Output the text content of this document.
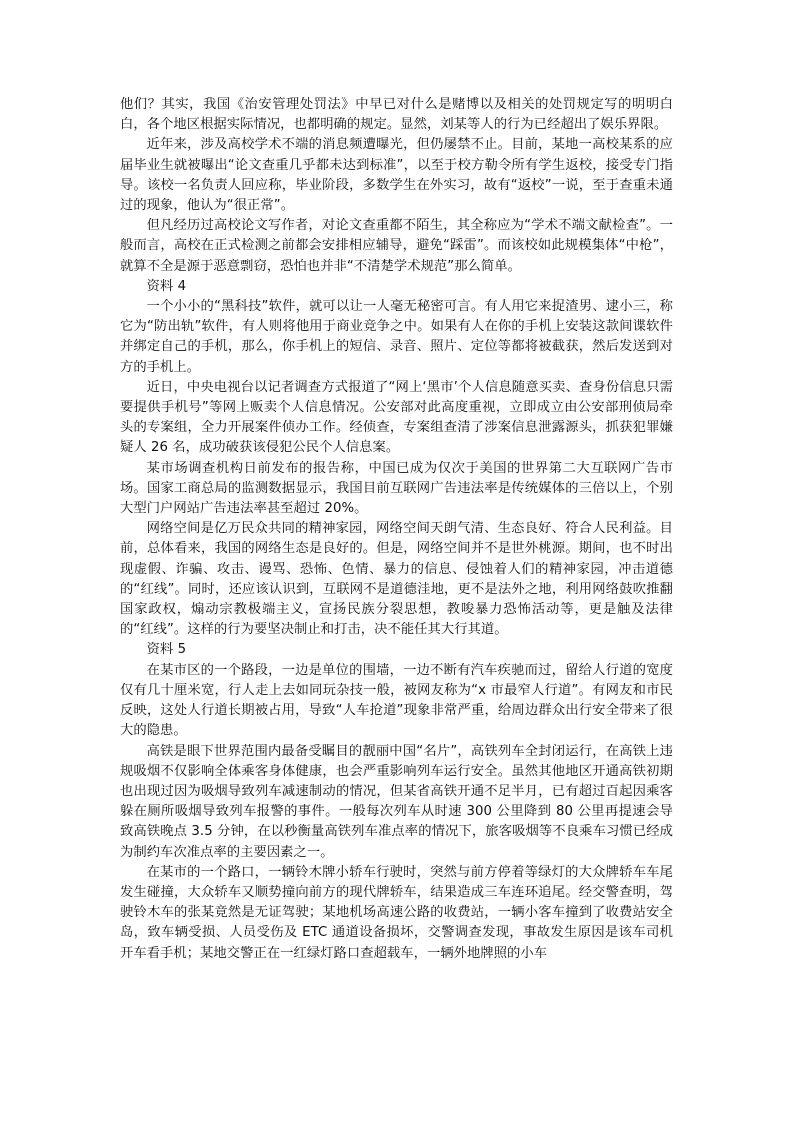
他们？其实，我国《治安管理处罚法》中早已对什么是赌博以及相关的处罚规定写的明明白白，各个地区根据实际情况，也都明确的规定。显然，刘某等人的行为已经超出了娱乐界限。

近年来，涉及高校学术不端的消息频遭曝光，但仍屡禁不止。目前，某地一高校某系的应届毕业生就被曝出“论文查重几乎都未达到标准”，以至于校方勒令所有学生返校，接受专门指导。该校一名负责人回应称，毕业阶段，多数学生在外实习，故有“返校”一说，至于查重未通过的现象，他认为“很正常”。

但凡经历过高校论文写作者，对论文查重都不陌生，其全称应为“学术不端文献检查”。一般而言，高校在正式检测之前都会安排相应辅导，避免“踩雷”。而该校如此规模集体“中枪”，就算不全是源于恶意剽窃，恐怕也并非“不清楚学术规范”那么简单。

资料 4

一个小小的“黑科技”软件，就可以让一人毫无秘密可言。有人用它来捉渣男、逮小三，称它为“防出轨”软件，有人则将他用于商业竞争之中。如果有人在你的手机上安装这款间谍软件并绑定自己的手机，那么，你手机上的短信、录音、照片、定位等都将被截获，然后发送到对方的手机上。

近日，中央电视台以记者调查方式报道了“网上‘黑市’个人信息随意买卖、查身份信息只需要提供手机号”等网上贩卖个人信息情况。公安部对此高度重视，立即成立由公安部刑侦局牵头的专案组，全力开展案件侦办工作。经侦查，专案组查清了涉案信息泄露源头，抓获犯罪嫌疑人 26 名，成功破获该侵犯公民个人信息案。

某市场调查机构日前发布的报告称，中国已成为仅次于美国的世界第二大互联网广告市场。国家工商总局的监测数据显示，我国目前互联网广告违法率是传统媒体的三倍以上，个别大型门户网站广告违法率甚至超过 20%。

网络空间是亿万民众共同的精神家园，网络空间天朗气清、生态良好、符合人民利益。目前，总体看来，我国的网络生态是良好的。但是，网络空间并不是世外桃源。期间，也不时出现虚假、诈骗、攻击、谩骂、恐怖、色情、暴力的信息、侵蚀着人们的精神家园，冲击道德的“红线”。同时，还应该认识到，互联网不是道德洼地，更不是法外之地，利用网络鼓吹推翻国家政权，煽动宗教极端主义，宣扬民族分裂思想，教唆暴力恐怖活动等，更是触及法律的“红线”。这样的行为要坚决制止和打击，决不能任其大行其道。

资料 5

在某市区的一个路段，一边是单位的围墙，一边不断有汽车疾驰而过，留给人行道的宽度仅有几十厘米宽，行人走上去如同玩杂技一般，被网友称为“x 市最窄人行道”。有网友和市民反映，这处人行道长期被占用，导致“人车抢道”现象非常严重，给周边群众出行安全带来了很大的隐患。

高铁是眼下世界范围内最备受瞩目的靓丽中国“名片”，高铁列车全封闭运行，在高铁上违规吸烟不仅影响全体乘客身体健康，也会严重影响列车运行安全。虽然其他地区开通高铁初期也出现过因为吸烟导致列车减速制动的情况，但某省高铁开通不足半月，已有超过百起因乘客躲在厕所吸烟导致列车报警的事件。一般每次列车从时速 300 公里降到 80 公里再提速会导致高铁晚点 3.5 分钟，在以秒衡量高铁列车准点率的情况下，旅客吸烟等不良乘车习惯已经成为制约车次准点率的主要因素之一。

在某市的一个路口，一辆铃木牌小轿车行驶时，突然与前方停着等绿灯的大众牌轿车车尾发生碰撞，大众轿车又顺势撞向前方的现代牌轿车，结果造成三车连环追尾。经交警查明，驾驶铃木车的张某竟然是无证驾驶；某地机场高速公路的收费站，一辆小客车撞到了收费站安全岛，致车辆受损、人员受伤及 ETC 通道设备损坏，交警调查发现，事故发生原因是该车司机开车看手机；某地交警正在一红绿灯路口查超载车，一辆外地牌照的小车
